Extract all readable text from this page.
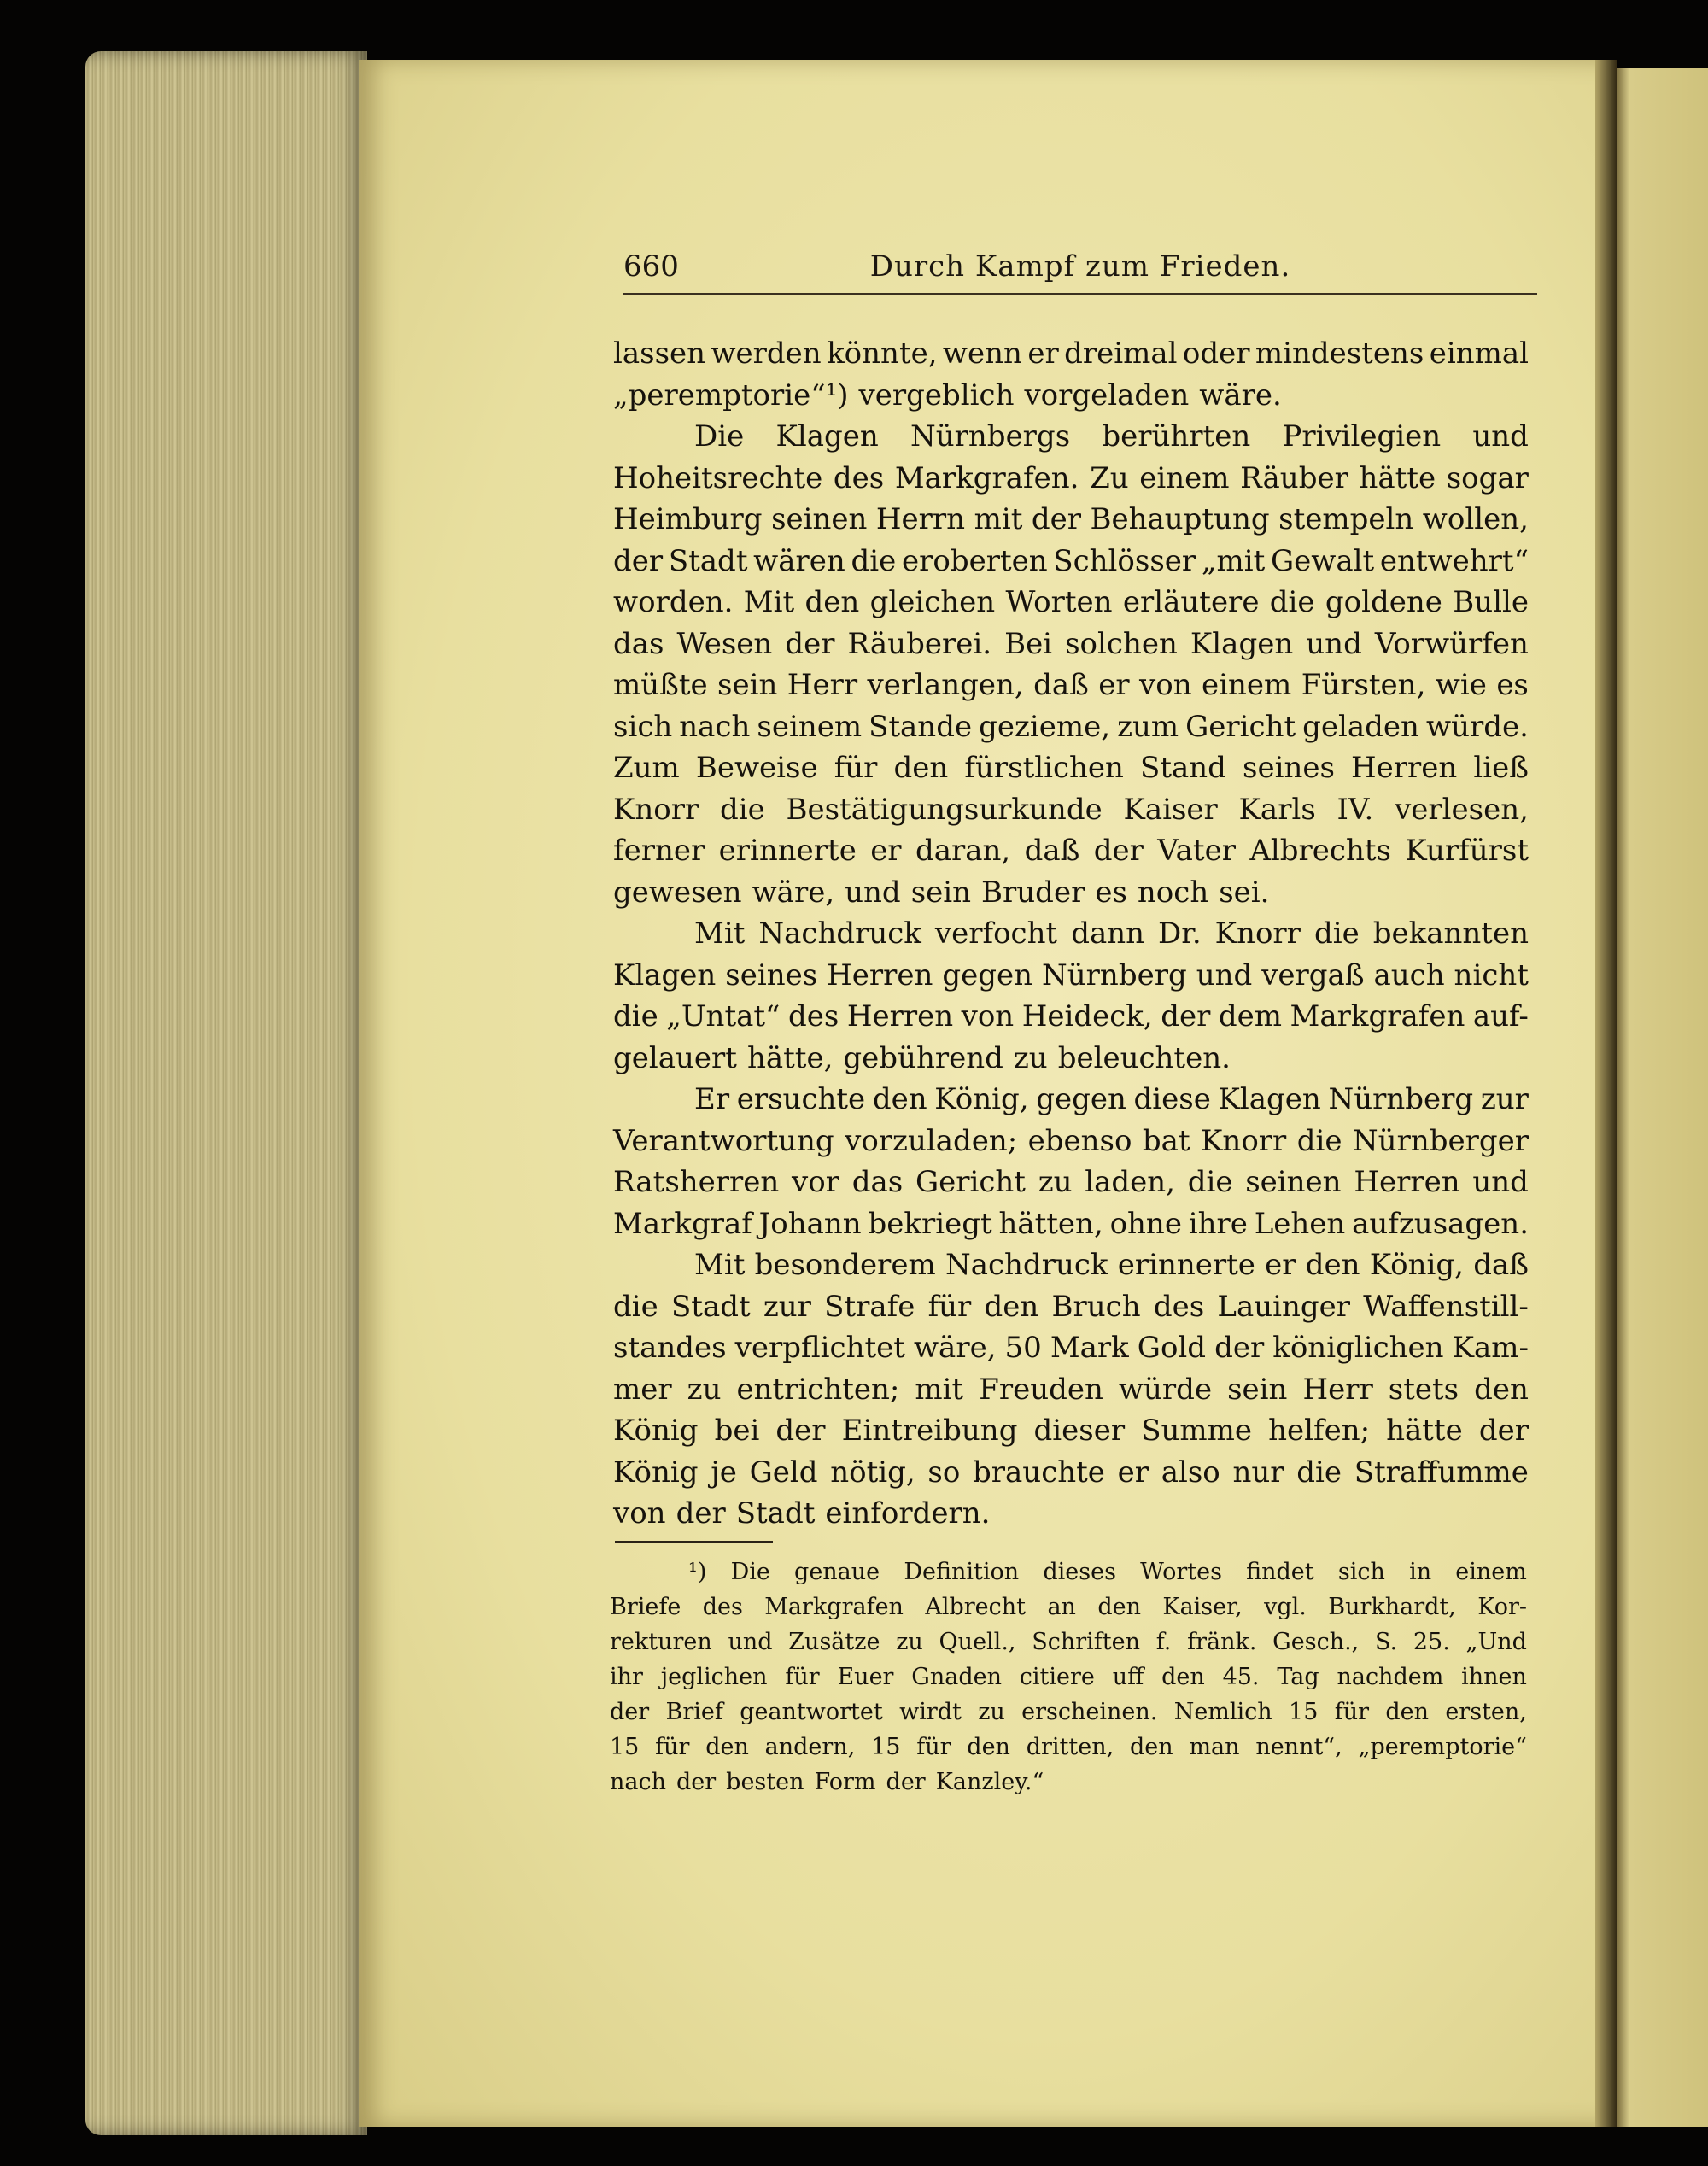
660	Durch Kampf zum Frieden.
lassen werden könnte, wenn er dreimal oder mindestens einmal
„peremptorie“¹) vergeblich vorgeladen wäre.
Die Klagen Nürnbergs berührten Privilegien und
Hoheitsrechte des Markgrafen. Zu einem Räuber hätte sogar
Heimburg seinen Herrn mit der Behauptung stempeln wollen,
der Stadt wären die eroberten Schlösser „mit Gewalt entwehrt“
worden. Mit den gleichen Worten erläutere die goldene Bulle
das Wesen der Räuberei. Bei solchen Klagen und Vorwürfen
müßte sein Herr verlangen, daß er von einem Fürsten, wie es
sich nach seinem Stande gezieme, zum Gericht geladen würde.
Zum Beweise für den fürstlichen Stand seines Herren ließ
Knorr die Bestätigungsurkunde Kaiser Karls IV. verlesen,
ferner erinnerte er daran, daß der Vater Albrechts Kurfürst
gewesen wäre, und sein Bruder es noch sei.
Mit Nachdruck verfocht dann Dr. Knorr die bekannten
Klagen seines Herren gegen Nürnberg und vergaß auch nicht
die „Untat“ des Herren von Heideck, der dem Markgrafen auf-
gelauert hätte, gebührend zu beleuchten.
Er ersuchte den König, gegen diese Klagen Nürnberg zur
Verantwortung vorzuladen; ebenso bat Knorr die Nürnberger
Ratsherren vor das Gericht zu laden, die seinen Herren und
Markgraf Johann bekriegt hätten, ohne ihre Lehen aufzusagen.
Mit besonderem Nachdruck erinnerte er den König, daß
die Stadt zur Strafe für den Bruch des Lauinger Waffenstill-
standes verpflichtet wäre, 50 Mark Gold der königlichen Kam-
mer zu entrichten; mit Freuden würde sein Herr stets den
König bei der Eintreibung dieser Summe helfen; hätte der
König je Geld nötig, so brauchte er also nur die Straffumme
von der Stadt einfordern.
¹) Die genaue Definition dieses Wortes findet sich in einem
Briefe des Markgrafen Albrecht an den Kaiser, vgl. Burkhardt, Kor-
rekturen und Zusätze zu Quell., Schriften f. fränk. Gesch., S. 25. „Und
ihr jeglichen für Euer Gnaden citiere uff den 45. Tag nachdem ihnen
der Brief geantwortet wirdt zu erscheinen. Nemlich 15 für den ersten,
15 für den andern, 15 für den dritten, den man nennt“, „peremptorie“
nach der besten Form der Kanzley.“
